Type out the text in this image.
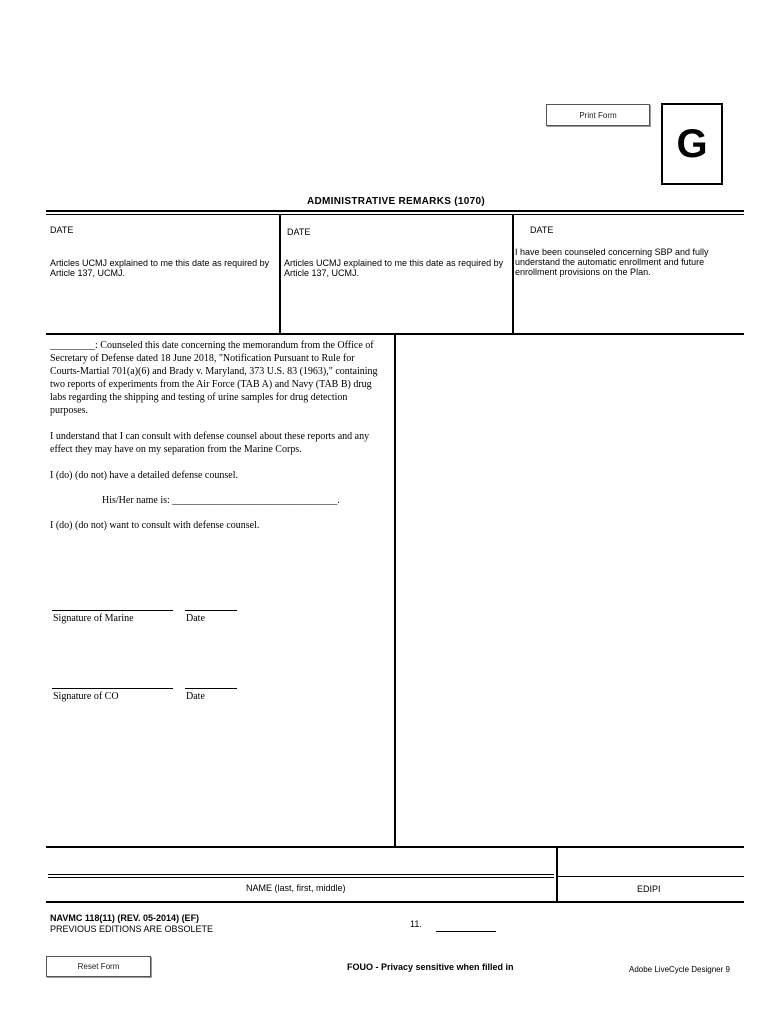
Print Form
G
ADMINISTRATIVE REMARKS (1070)
DATE
Articles UCMJ explained to me this date as required by Article 137, UCMJ.
DATE
Articles UCMJ explained to me this date as required by Article 137, UCMJ.
DATE
I have been counseled concerning SBP and fully understand the automatic enrollment and future enrollment provisions on the Plan.

_________: Counseled this date concerning the memorandum from the Office of Secretary of Defense dated 18 June 2018, "Notification Pursuant to Rule for Courts-Martial 701(a)(6) and Brady v. Maryland, 373 U.S. 83 (1963)," containing two reports of experiments from the Air Force (TAB A) and Navy (TAB B) drug labs regarding the shipping and testing of urine samples for drug detection purposes.

I understand that I can consult with defense counsel about these reports and any effect they may have on my separation from the Marine Corps.

I (do) (do not) have a detailed defense counsel.

His/Her name is: _________________________________.

I (do) (do not) want to consult with defense counsel.

Signature of Marine	Date
Signature of CO	Date
NAME (last, first, middle)	EDIPI
NAVMC 118(11) (REV. 05-2014) (EF)
PREVIOUS EDITIONS ARE OBSOLETE	11.
Reset Form	FOUO - Privacy sensitive when filled in	Adobe LiveCycle Designer 9
